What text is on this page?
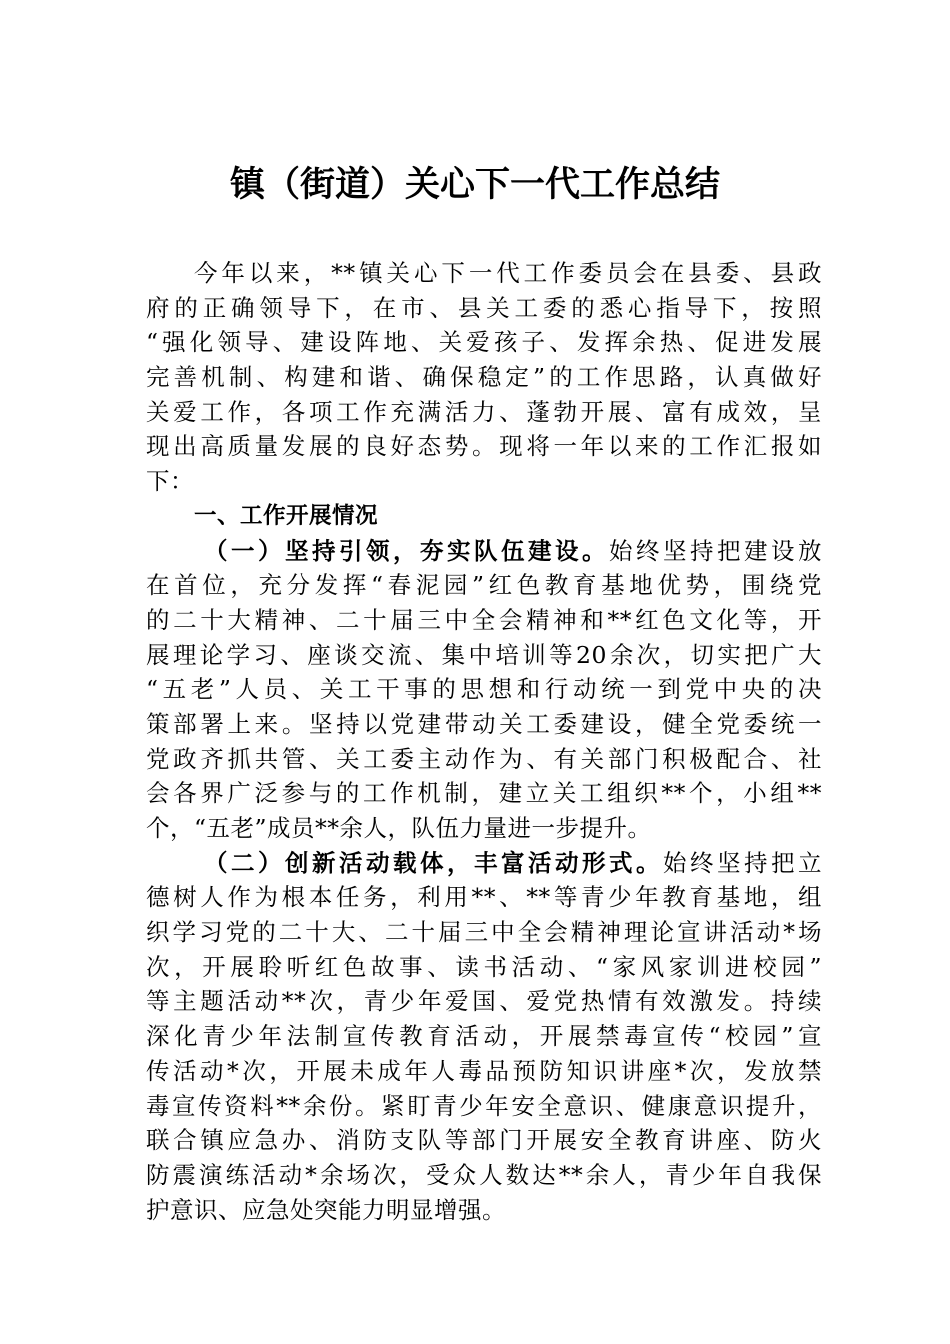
镇（街道）关心下一代工作总结
今年以来，**镇关心下一代工作委员会在县委、县政
府的正确领导下，在市、县关工委的悉心指导下，按照
“强化领导、建设阵地、关爱孩子、发挥余热、促进发展
完善机制、构建和谐、确保稳定”的工作思路，认真做好
关爱工作，各项工作充满活力、蓬勃开展、富有成效，呈
现出高质量发展的良好态势。现将一年以来的工作汇报如
下：
一、工作开展情况
（一）坚持引领，夯实队伍建设。始终坚持把建设放
在首位，充分发挥“春泥园”红色教育基地优势，围绕党
的二十大精神、二十届三中全会精神和**红色文化等，开
展理论学习、座谈交流、集中培训等20余次，切实把广大
“五老”人员、关工干事的思想和行动统一到党中央的决
策部署上来。坚持以党建带动关工委建设，健全党委统一
党政齐抓共管、关工委主动作为、有关部门积极配合、社
会各界广泛参与的工作机制，建立关工组织**个，小组**
个，“五老”成员**余人，队伍力量进一步提升。
（二）创新活动载体，丰富活动形式。始终坚持把立
德树人作为根本任务，利用**、**等青少年教育基地，组
织学习党的二十大、二十届三中全会精神理论宣讲活动*场
次，开展聆听红色故事、读书活动、“家风家训进校园”
等主题活动**次，青少年爱国、爱党热情有效激发。持续
深化青少年法制宣传教育活动，开展禁毒宣传“校园”宣
传活动*次，开展未成年人毒品预防知识讲座*次，发放禁
毒宣传资料**余份。紧盯青少年安全意识、健康意识提升，
联合镇应急办、消防支队等部门开展安全教育讲座、防火
防震演练活动*余场次，受众人数达**余人，青少年自我保
护意识、应急处突能力明显增强。
